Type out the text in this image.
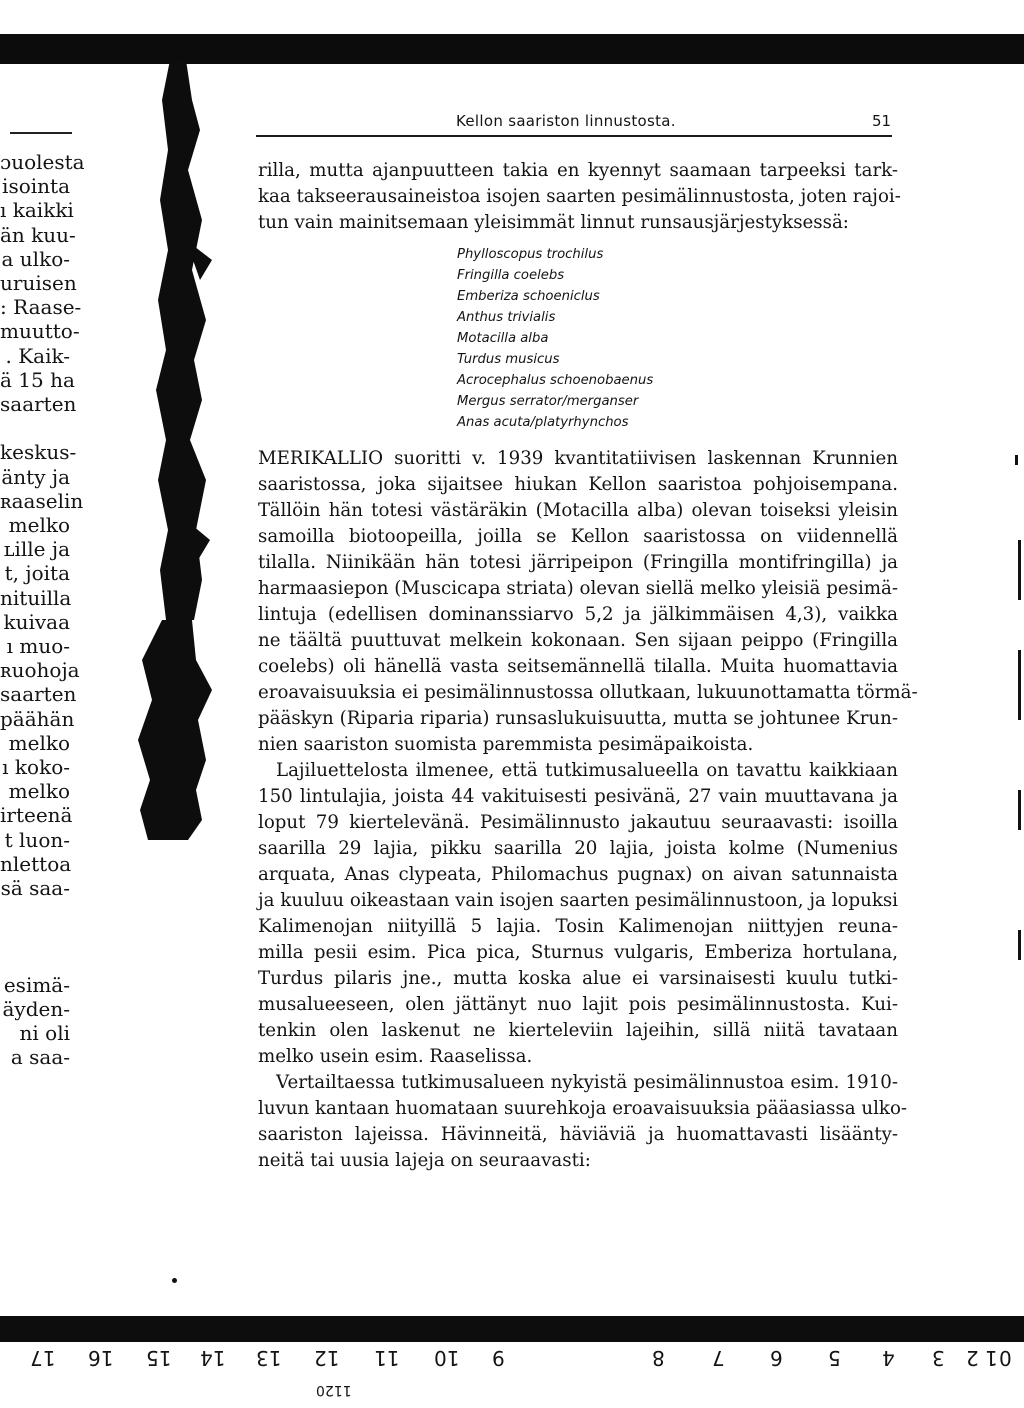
ɔuolesta
isointa
ı kaikki
än kuu-
a ulko-
uruisen
: Raase-
muutto-
. Kaik-
ä 15 ha
saarten
keskus-
änty ja
ʀaaselin
melko
ʟille ja
t, joita
nituilla
kuivaa
ı muo-
ʀuohoja
saarten
päähän
melko
ı koko-
melko
irteenä
t luon-
nlettoa
sä saa-
esimä-
äyden-
ni oli
a saa-
Kellon saariston linnustosta.	51
rilla, mutta ajanpuutteen takia en kyennyt saamaan tarpeeksi tark-
kaa takseerausaineistoa isojen saarten pesimälinnustosta, joten rajoi-
tun vain mainitsemaan yleisimmät linnut runsausjärjestyksessä:
Phylloscopus trochilus
Fringilla coelebs
Emberiza schoeniclus
Anthus trivialis
Motacilla alba
Turdus musicus
Acrocephalus schoenobaenus
Mergus serrator/merganser
Anas acuta/platyrhynchos
MERIKALLIO suoritti v. 1939 kvantitatiivisen laskennan Krunnien
saaristossa, joka sijaitsee hiukan Kellon saaristoa pohjoisempana.
Tällöin hän totesi västäräkin (Motacilla alba) olevan toiseksi yleisin
samoilla biotoopeilla, joilla se Kellon saaristossa on viidennellä
tilalla. Niinikään hän totesi järripeipon (Fringilla montifringilla) ja
harmaasiepon (Muscicapa striata) olevan siellä melko yleisiä pesimä-
lintuja (edellisen dominanssiarvo 5,2 ja jälkimmäisen 4,3), vaikka
ne täältä puuttuvat melkein kokonaan. Sen sijaan peippo (Fringilla
coelebs) oli hänellä vasta seitsemännellä tilalla. Muita huomattavia
eroavaisuuksia ei pesimälinnustossa ollutkaan, lukuunottamatta törmä-
pääskyn (Riparia riparia) runsaslukuisuutta, mutta se johtunee Krun-
nien saariston suomista paremmista pesimäpaikoista.
Lajiluettelosta ilmenee, että tutkimusalueella on tavattu kaikkiaan
150 lintulajia, joista 44 vakituisesti pesivänä, 27 vain muuttavana ja
loput 79 kiertelevänä. Pesimälinnusto jakautuu seuraavasti: isoilla
saarilla 29 lajia, pikku saarilla 20 lajia, joista kolme (Numenius
arquata, Anas clypeata, Philomachus pugnax) on aivan satunnaista
ja kuuluu oikeastaan vain isojen saarten pesimälinnustoon, ja lopuksi
Kalimenojan niityillä 5 lajia. Tosin Kalimenojan niittyjen reuna-
milla pesii esim. Pica pica, Sturnus vulgaris, Emberiza hortulana,
Turdus pilaris jne., mutta koska alue ei varsinaisesti kuulu tutki-
musalueeseen, olen jättänyt nuo lajit pois pesimälinnustosta. Kui-
tenkin olen laskenut ne kierteleviin lajeihin, sillä niitä tavataan
melko usein esim. Raaselissa.
Vertailtaessa tutkimusalueen nykyistä pesimälinnustoa esim. 1910-
luvun kantaan huomataan suurehkoja eroavaisuuksia pääasiassa ulko-
saariston lajeissa. Hävinneitä, häviäviä ja huomattavasti lisäänty-
neitä tai uusia lajeja on seuraavasti:
17 16 15 14 13 12 11 10 9	8 7 6 5 4 3 2 1 0
1120
